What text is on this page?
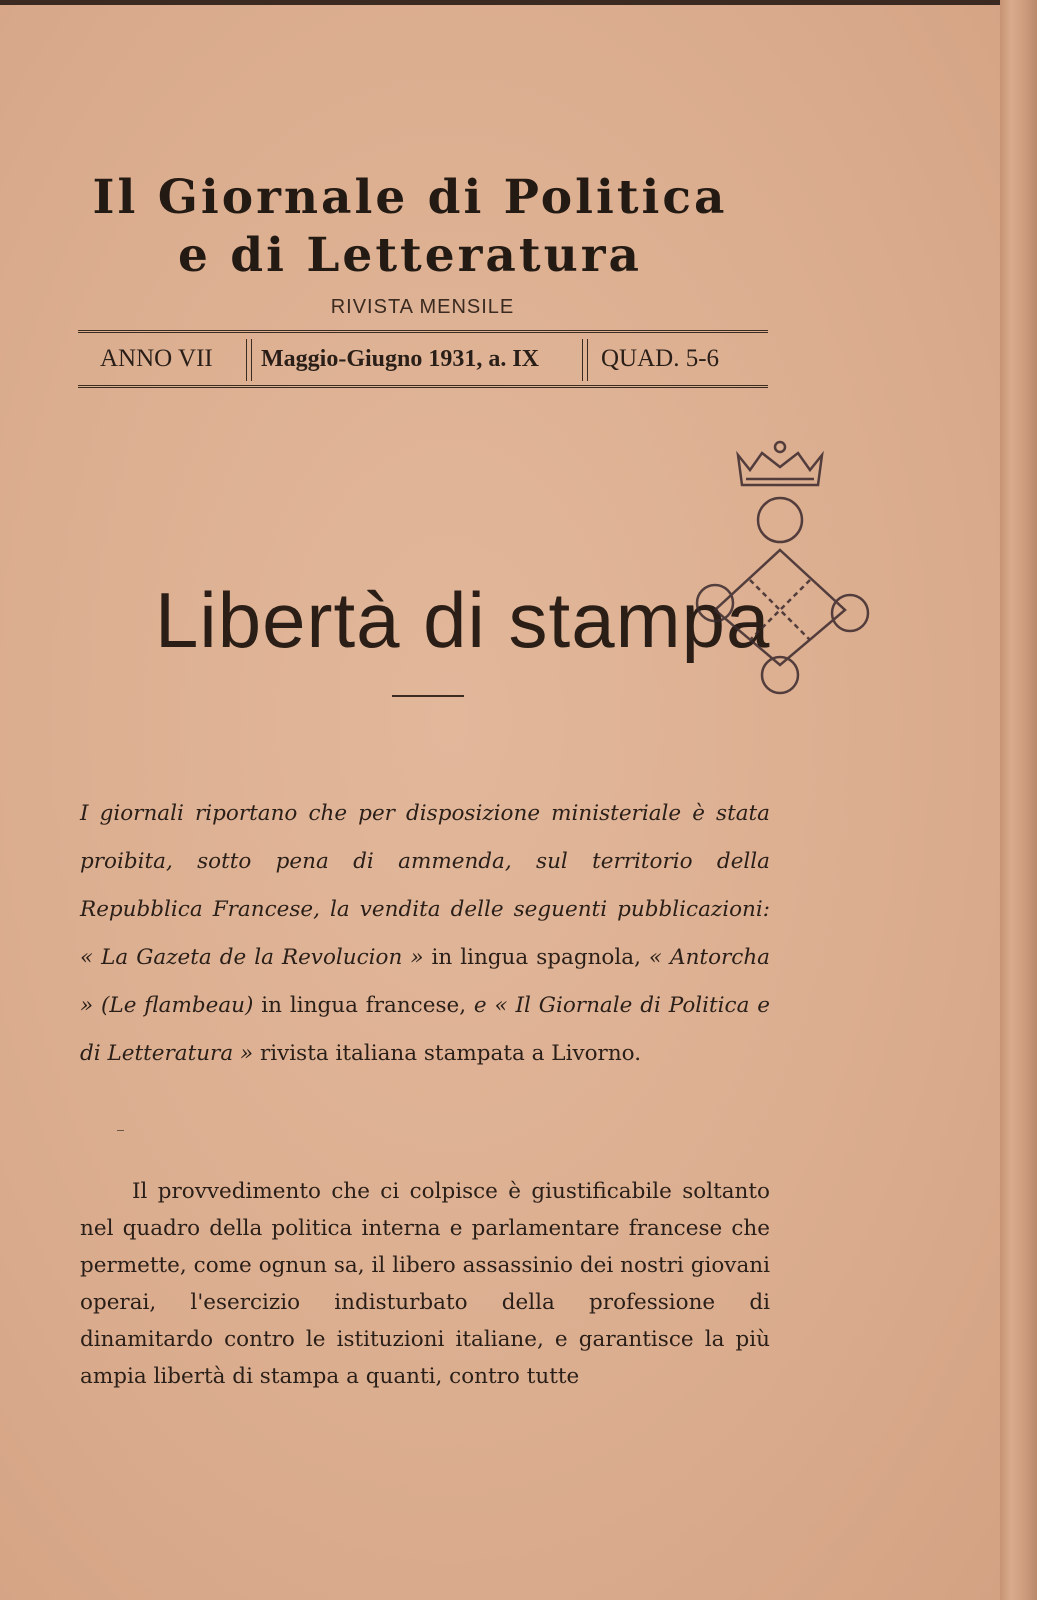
Il Giornale di Politica
e di Letteratura
RIVISTA MENSILE
ANNO VII Maggio-Giugno 1931, a. IX QUAD. 5-6
Libertà di stampa
I giornali riportano che per disposizione ministeriale è stata proibita, sotto pena di ammenda, sul territorio della Repubblica Francese, la vendita delle seguenti pubblicazioni: « La Gazeta de la Revolucion » in lingua spagnola, « Antorcha » (Le flambeau) in lingua francese, e « Il Giornale di Politica e di Letteratura » rivista italiana stampata a Livorno.
Il provvedimento che ci colpisce è giustificabile soltanto nel quadro della politica interna e parlamentare francese che permette, come ognun sa, il libero assassinio dei nostri giovani operai, l'esercizio indisturbato della professione di dinamitardo contro le istituzioni italiane, e garantisce la più ampia libertà di stampa a quanti, contro tutte
